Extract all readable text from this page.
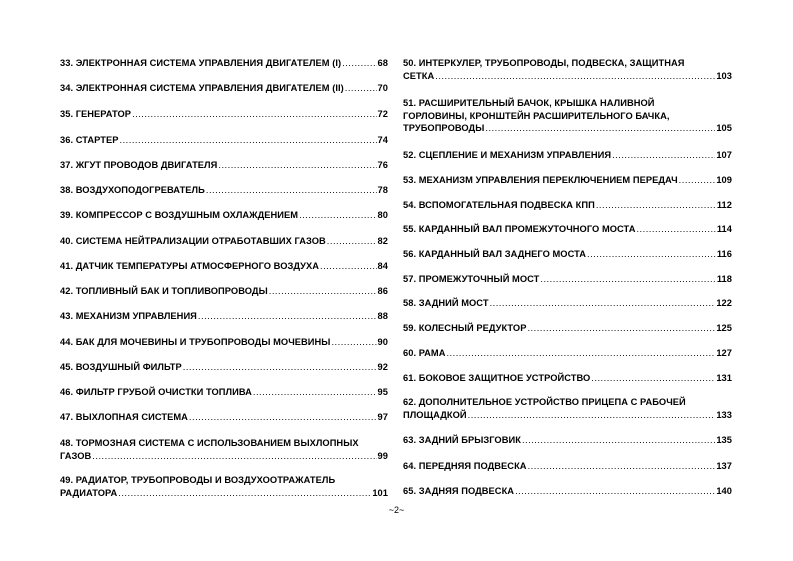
33. ЭЛЕКТРОННАЯ СИСТЕМА УПРАВЛЕНИЯ ДВИГАТЕЛЕМ (I) .....	68
34. ЭЛЕКТРОННАЯ СИСТЕМА УПРАВЛЕНИЯ ДВИГАТЕЛЕМ (II) .....	70
35. ГЕНЕРАТОР .....	72
36. СТАРТЕР .....	74
37. ЖГУТ ПРОВОДОВ ДВИГАТЕЛЯ .....	76
38. ВОЗДУХОПОДОГРЕВАТЕЛЬ .....	78
39. КОМПРЕССОР С ВОЗДУШНЫМ ОХЛАЖДЕНИЕМ .....	80
40. СИСТЕМА НЕЙТРАЛИЗАЦИИ ОТРАБОТАВШИХ ГАЗОВ .....	82
41. ДАТЧИК ТЕМПЕРАТУРЫ АТМОСФЕРНОГО ВОЗДУХА .....	84
42. ТОПЛИВНЫЙ БАК И ТОПЛИВОПРОВОДЫ .....	86
43. МЕХАНИЗМ УПРАВЛЕНИЯ .....	88
44. БАК ДЛЯ МОЧЕВИНЫ И ТРУБОПРОВОДЫ МОЧЕВИНЫ .....	90
45. ВОЗДУШНЫЙ ФИЛЬТР .....	92
46. ФИЛЬТР ГРУБОЙ ОЧИСТКИ ТОПЛИВА .....	95
47. ВЫХЛОПНАЯ СИСТЕМА .....	97
48. ТОРМОЗНАЯ СИСТЕМА С ИСПОЛЬЗОВАНИЕМ ВЫХЛОПНЫХ
ГАЗОВ .....	99
49. РАДИАТОР, ТРУБОПРОВОДЫ И ВОЗДУХООТРАЖАТЕЛЬ
РАДИАТОРА .....	101
50. ИНТЕРКУЛЕР, ТРУБОПРОВОДЫ, ПОДВЕСКА, ЗАЩИТНАЯ
СЕТКА .....	103
51. РАСШИРИТЕЛЬНЫЙ БАЧОК, КРЫШКА НАЛИВНОЙ
ГОРЛОВИНЫ, КРОНШТЕЙН РАСШИРИТЕЛЬНОГО БАЧКА,
ТРУБОПРОВОДЫ .....	105
52. СЦЕПЛЕНИЕ И МЕХАНИЗМ УПРАВЛЕНИЯ .....	107
53. МЕХАНИЗМ УПРАВЛЕНИЯ ПЕРЕКЛЮЧЕНИЕМ ПЕРЕДАЧ .....	109
54. ВСПОМОГАТЕЛЬНАЯ ПОДВЕСКА КПП .....	112
55. КАРДАННЫЙ ВАЛ ПРОМЕЖУТОЧНОГО МОСТА .....	114
56. КАРДАННЫЙ ВАЛ ЗАДНЕГО МОСТА .....	116
57. ПРОМЕЖУТОЧНЫЙ МОСТ .....	118
58. ЗАДНИЙ МОСТ .....	122
59. КОЛЕСНЫЙ РЕДУКТОР .....	125
60. РАМА .....	127
61. БОКОВОЕ ЗАЩИТНОЕ УСТРОЙСТВО .....	131
62. ДОПОЛНИТЕЛЬНОЕ УСТРОЙСТВО ПРИЦЕПА С РАБОЧЕЙ
ПЛОЩАДКОЙ .....	133
63. ЗАДНИЙ БРЫЗГОВИК .....	135
64. ПЕРЕДНЯЯ ПОДВЕСКА .....	137
65. ЗАДНЯЯ ПОДВЕСКА .....	140
~2~
